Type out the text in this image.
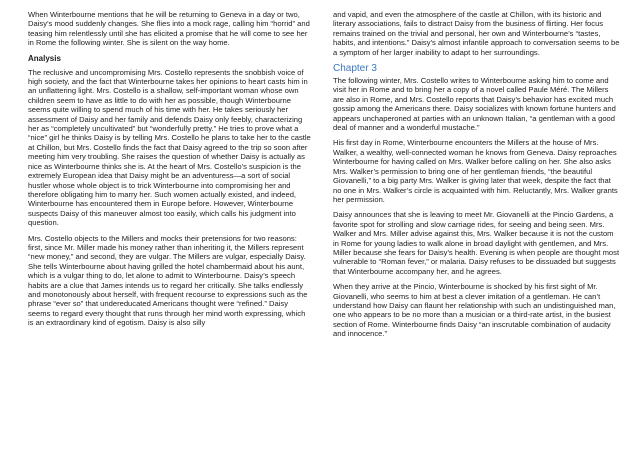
When Winterbourne mentions that he will be returning to Geneva in a day or two, Daisy’s mood suddenly changes. She flies into a mock rage, calling him “horrid” and teasing him relentlessly until she has elicited a promise that he will come to see her in Rome the following winter. She is silent on the way home.

Analysis

The reclusive and uncompromising Mrs. Costello represents the snobbish voice of high society, and the fact that Winterbourne takes her opinions to heart casts him in an unflattering light. Mrs. Costello is a shallow, self-important woman whose own children seem to have as little to do with her as possible, though Winterbourne seems quite willing to spend much of his time with her. He takes seriously her assessment of Daisy and her family and defends Daisy only feebly, characterizing her as “completely uncultivated” but “wonderfully pretty.” He tries to prove what a “nice” girl he thinks Daisy is by telling Mrs. Costello he plans to take her to the castle at Chillon, but Mrs. Costello finds the fact that Daisy agreed to the trip so soon after meeting him very troubling. She raises the question of whether Daisy is actually as nice as Winterbourne thinks she is. At the heart of Mrs. Costello’s suspicion is the extremely European idea that Daisy might be an adventuress—a sort of social hustler whose whole object is to trick Winterbourne into compromising her and therefore obligating him to marry her. Such women actually existed, and indeed, Winterbourne has encountered them in Europe before. However, Winterbourne suspects Daisy of this maneuver almost too easily, which calls his judgment into question.

Mrs. Costello objects to the Millers and mocks their pretensions for two reasons: first, since Mr. Miller made his money rather than inheriting it, the Millers represent “new money,” and second, they are vulgar. The Millers are vulgar, especially Daisy. She tells Winterbourne about having grilled the hotel chambermaid about his aunt, which is a vulgar thing to do, let alone to admit to Winterbourne. Daisy’s speech habits are a clue that James intends us to regard her critically. She talks endlessly and monotonously about herself, with frequent recourse to expressions such as the phrase “ever so” that undereducated Americans thought were “refined.” Daisy seems to regard every thought that runs through her mind worth expressing, which is an extraordinary kind of egotism. Daisy is also silly

and vapid, and even the atmosphere of the castle at Chillon, with its historic and literary associations, fails to distract Daisy from the business of flirting. Her focus remains trained on the trivial and personal, her own and Winterbourne’s “tastes, habits, and intentions.” Daisy’s almost infantile approach to conversation seems to be a symptom of her larger inability to adapt to her surroundings.

Chapter 3

The following winter, Mrs. Costello writes to Winterbourne asking him to come and visit her in Rome and to bring her a copy of a novel called Paule Méré. The Millers are also in Rome, and Mrs. Costello reports that Daisy’s behavior has excited much gossip among the Americans there. Daisy socializes with known fortune hunters and appears unchaperoned at parties with an unknown Italian, “a gentleman with a good deal of manner and a wonderful mustache.”

His first day in Rome, Winterbourne encounters the Millers at the house of Mrs. Walker, a wealthy, well-connected woman he knows from Geneva. Daisy reproaches Winterbourne for having called on Mrs. Walker before calling on her. She also asks Mrs. Walker’s permission to bring one of her gentleman friends, “the beautiful Giovanelli,” to a big party Mrs. Walker is giving later that week, despite the fact that no one in Mrs. Walker’s circle is acquainted with him. Reluctantly, Mrs. Walker grants her permission.

Daisy announces that she is leaving to meet Mr. Giovanelli at the Pincio Gardens, a favorite spot for strolling and slow carriage rides, for seeing and being seen. Mrs. Walker and Mrs. Miller advise against this, Mrs. Walker because it is not the custom in Rome for young ladies to walk alone in broad daylight with gentlemen, and Mrs. Miller because she fears for Daisy’s health. Evening is when people are thought most vulnerable to “Roman fever,” or malaria. Daisy refuses to be dissuaded but suggests that Winterbourne accompany her, and he agrees.

When they arrive at the Pincio, Winterbourne is shocked by his first sight of Mr. Giovanelli, who seems to him at best a clever imitation of a gentleman. He can’t understand how Daisy can flaunt her relationship with such an undistinguished man, one who appears to be no more than a musician or a third-rate artist, in the busiest section of Rome. Winterbourne finds Daisy “an inscrutable combination of audacity and innocence.”
